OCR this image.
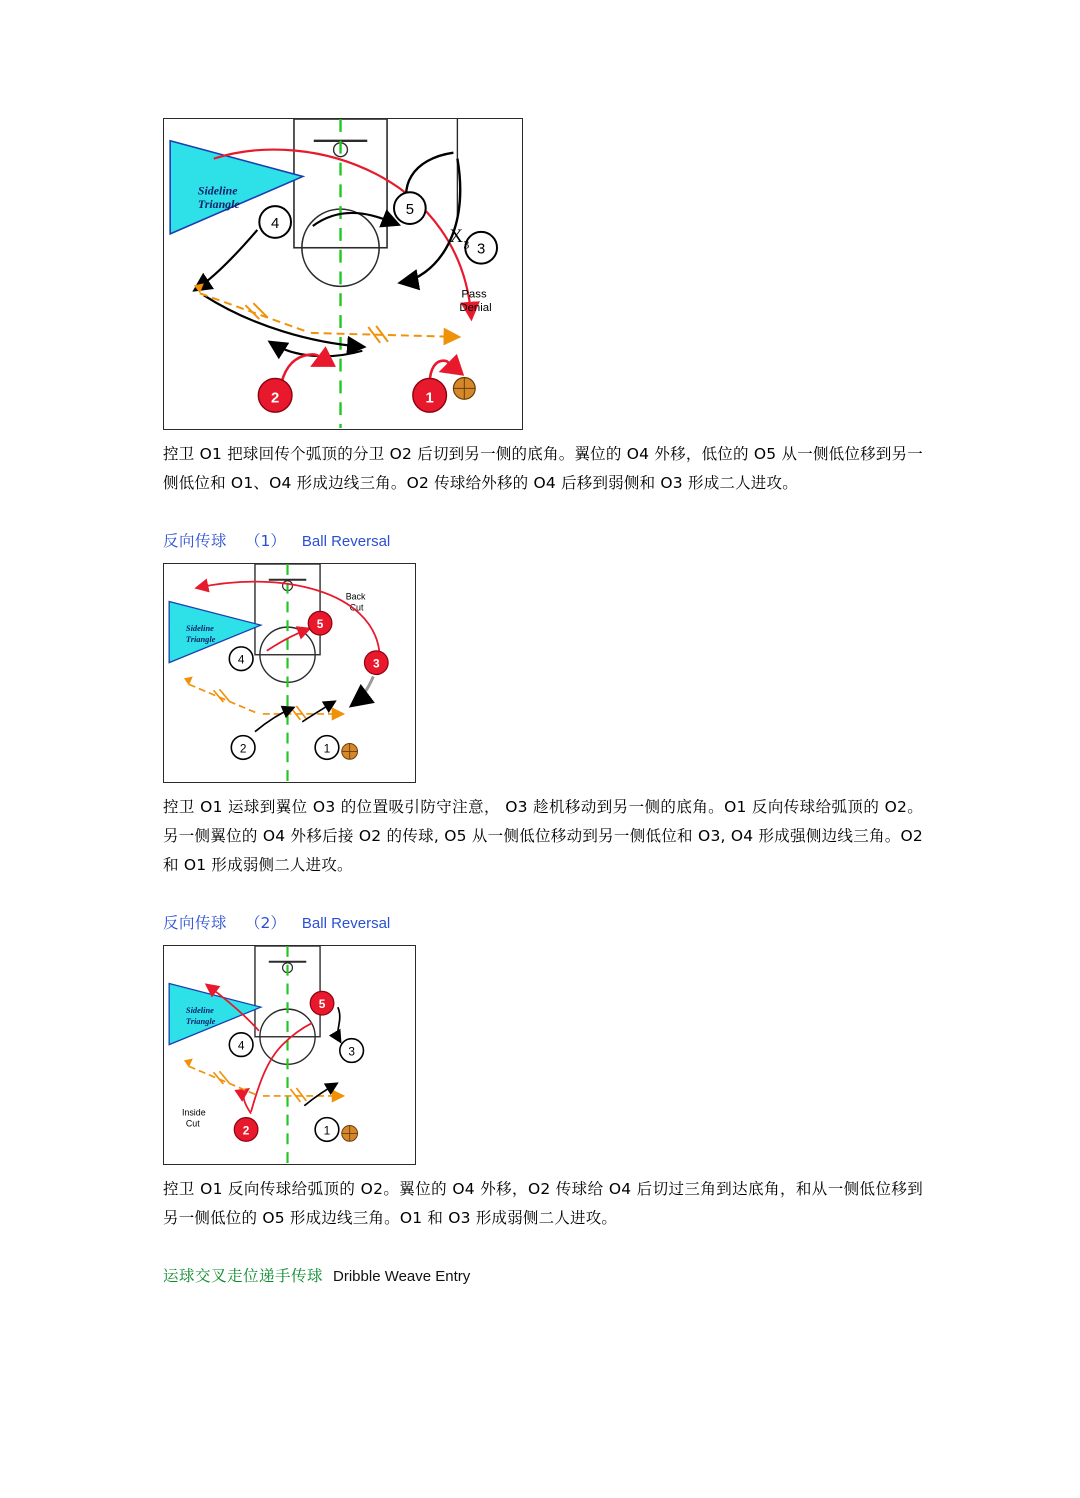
Sideline
Triangle
4
5
3
X 3
Pass
Denial
2	1
控卫 O1 把球回传个弧顶的分卫 O2 后切到另一侧的底角。翼位的 O4 外移，低位的 O5 从一侧低位移到另一侧低位和 O1、O4 形成边线三角。O2 传球给外移的 O4 后移到弱侧和 O3 形成二人进攻。
反向传球 （1） Ball Reversal
Sideline
Triangle
Back
Cut
4
5
3
2	1
控卫 O1 运球到翼位 O3 的位置吸引防守注意， O3 趁机移动到另一侧的底角。O1 反向传球给弧顶的 O2。另一侧翼位的 O4 外移后接 O2 的传球, O5 从一侧低位移动到另一侧低位和 O3, O4 形成强侧边线三角。O2 和 O1 形成弱侧二人进攻。
反向传球 （2） Ball Reversal
Sideline
Triangle
Inside
Cut
4
5
3
2	1
控卫 O1 反向传球给弧顶的 O2。翼位的 O4 外移，O2 传球给 O4 后切过三角到达底角，和从一侧低位移到另一侧低位的 O5 形成边线三角。O1 和 O3 形成弱侧二人进攻。
运球交叉走位递手传球 Dribble Weave Entry
